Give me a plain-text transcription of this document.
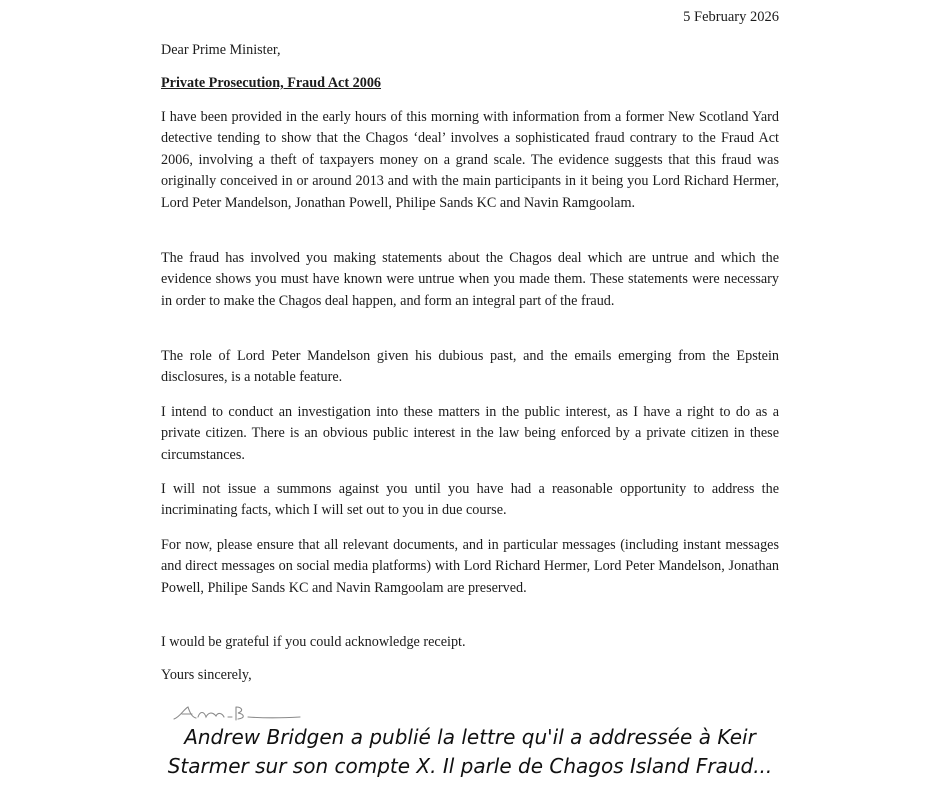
5 February 2026
Dear Prime Minister,
Private Prosecution, Fraud Act 2006

I have been provided in the early hours of this morning with information from a former New Scotland Yard detective tending to show that the Chagos ‘deal’ involves a sophisticated fraud contrary to the Fraud Act 2006, involving a theft of taxpayers money on a grand scale. The evidence suggests that this fraud was originally conceived in or around 2013 and with the main participants in it being you Lord Richard Hermer, Lord Peter Mandelson, Jonathan Powell, Philipe Sands KC and Navin Ramgoolam.

The fraud has involved you making statements about the Chagos deal which are untrue and which the evidence shows you must have known were untrue when you made them. These statements were necessary in order to make the Chagos deal happen, and form an integral part of the fraud.

The role of Lord Peter Mandelson given his dubious past, and the emails emerging from the Epstein disclosures, is a notable feature.

I intend to conduct an investigation into these matters in the public interest, as I have a right to do as a private citizen. There is an obvious public interest in the law being enforced by a private citizen in these circumstances.

I will not issue a summons against you until you have had a reasonable opportunity to address the incriminating facts, which I will set out to you in due course.

For now, please ensure that all relevant documents, and in particular messages (including instant messages and direct messages on social media platforms) with Lord Richard Hermer, Lord Peter Mandelson, Jonathan Powell, Philipe Sands KC and Navin Ramgoolam are preserved.

I would be grateful if you could acknowledge receipt.

Yours sincerely,
Andrew Bridgen a publié la lettre qu'il a addressée à Keir
Starmer sur son compte X. Il parle de Chagos Island Fraud...
